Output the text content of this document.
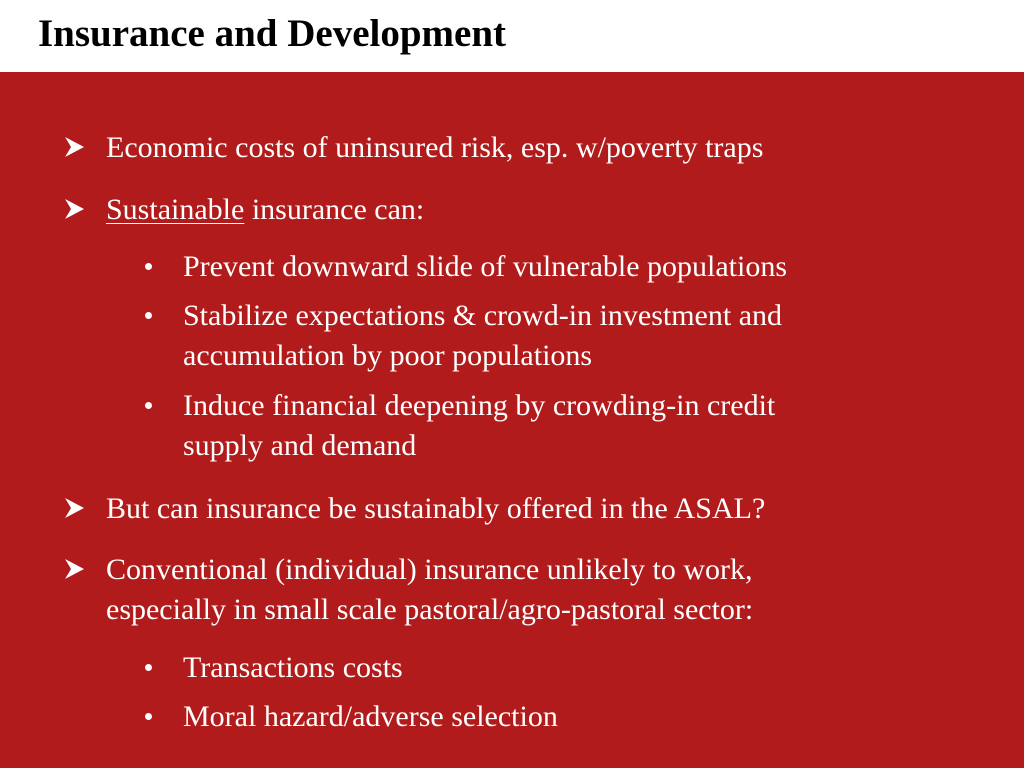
Insurance and Development
Economic costs of uninsured risk, esp. w/poverty traps
Sustainable insurance can:
Prevent downward slide of vulnerable populations
Stabilize expectations & crowd-in investment and
accumulation by poor populations
Induce financial deepening by crowding-in credit
supply and demand
But can insurance be sustainably offered in the ASAL?
Conventional (individual) insurance unlikely to work,
especially in small scale pastoral/agro-pastoral sector:
Transactions costs
Moral hazard/adverse selection
